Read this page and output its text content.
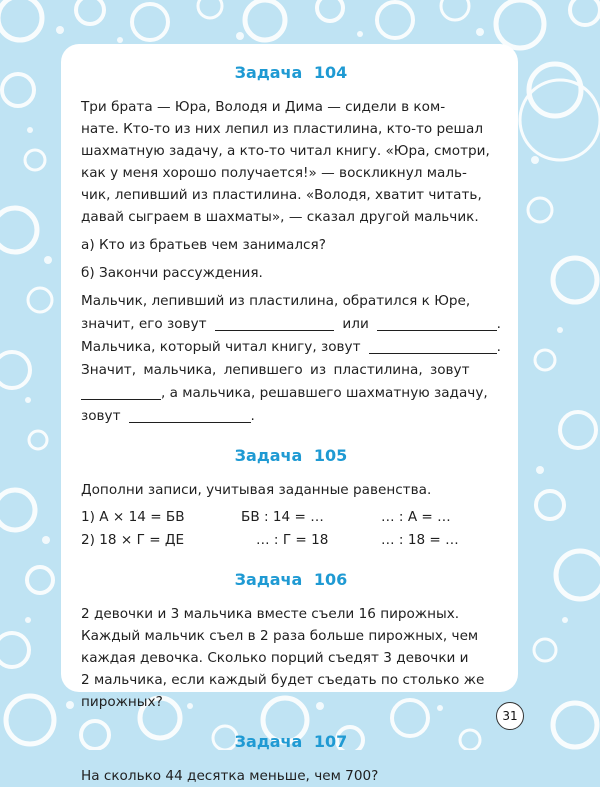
Задача 104

Три брата — Юра, Володя и Дима — сидели в ком-

нате. Кто-то из них лепил из пластилина, кто-то решал

шахматную задачу, а кто-то читал книгу. «Юра, смотри,

как у меня хорошо получается!» — воскликнул маль-

чик, лепивший из пластилина. «Володя, хватит читать,

давай сыграем в шахматы», — сказал другой мальчик.

а) Кто из братьев чем занимался?

б) Закончи рассуждения.

Мальчик, лепивший из пластилина, обратился к Юре,

значит, его зовут	или	.
Мальчика, который читал книгу, зовут	.
Значит, мальчика, лепившего из пластилина, зовут
, а мальчика, решавшего шахматную задачу,
зовут	.
Задача 105

Дополни записи, учитывая заданные равенства.

1) А × 14 = БВ	БВ : 14 = …	… : А = …
2) 18 × Г = ДЕ	… : Г = 18	… : 18 = …
Задача 106

2 девочки и 3 мальчика вместе съели 16 пирожных.

Каждый мальчик съел в 2 раза больше пирожных, чем

каждая девочка. Сколько порций съедят 3 девочки и

2 мальчика, если каждый будет съедать по столько же

пирожных?

Задача 107

На сколько 44 десятка меньше, чем 700?

31
